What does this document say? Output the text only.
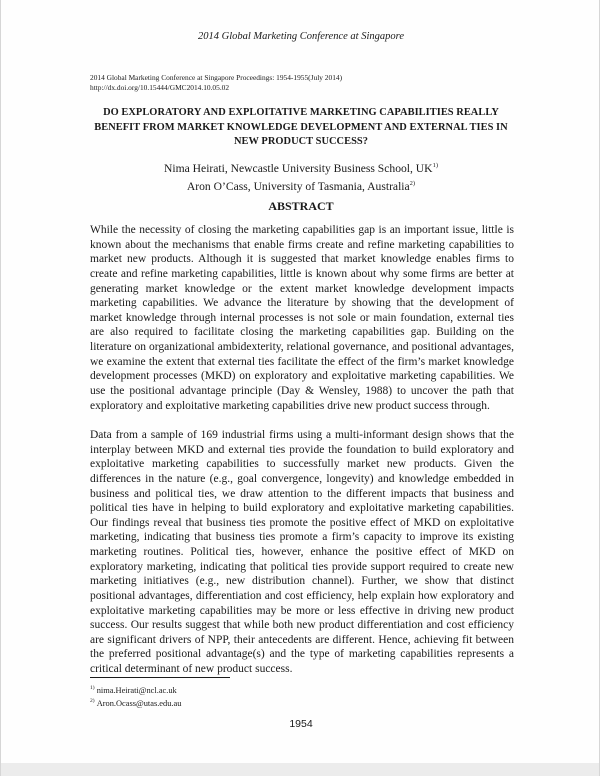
2014 Global Marketing Conference at Singapore
2014 Global Marketing Conference at Singapore Proceedings: 1954-1955(July 2014)
http://dx.doi.org/10.15444/GMC2014.10.05.02
DO EXPLORATORY AND EXPLOITATIVE MARKETING CAPABILITIES REALLY BENEFIT FROM MARKET KNOWLEDGE DEVELOPMENT AND EXTERNAL TIES IN NEW PRODUCT SUCCESS?
Nima Heirati, Newcastle University Business School, UK$^{1)}$
Aron O’Cass, University of Tasmania, Australia$^{2)}$
ABSTRACT
While the necessity of closing the marketing capabilities gap is an important issue, little is known about the mechanisms that enable firms create and refine marketing capabilities to market new products. Although it is suggested that market knowledge enables firms to create and refine marketing capabilities, little is known about why some firms are better at generating market knowledge or the extent market knowledge development impacts marketing capabilities. We advance the literature by showing that the development of market knowledge through internal processes is not sole or main foundation, external ties are also required to facilitate closing the marketing capabilities gap. Building on the literature on organizational ambidexterity, relational governance, and positional advantages, we examine the extent that external ties facilitate the effect of the firm’s market knowledge development processes (MKD) on exploratory and exploitative marketing capabilities. We use the positional advantage principle (Day & Wensley, 1988) to uncover the path that exploratory and exploitative marketing capabilities drive new product success through.
Data from a sample of 169 industrial firms using a multi-informant design shows that the interplay between MKD and external ties provide the foundation to build exploratory and exploitative marketing capabilities to successfully market new products. Given the differences in the nature (e.g., goal convergence, longevity) and knowledge embedded in business and political ties, we draw attention to the different impacts that business and political ties have in helping to build exploratory and exploitative marketing capabilities. Our findings reveal that business ties promote the positive effect of MKD on exploitative marketing, indicating that business ties promote a firm’s capacity to improve its existing marketing routines. Political ties, however, enhance the positive effect of MKD on exploratory marketing, indicating that political ties provide support required to create new marketing initiatives (e.g., new distribution channel). Further, we show that distinct positional advantages, differentiation and cost efficiency, help explain how exploratory and exploitative marketing capabilities may be more or less effective in driving new product success. Our results suggest that while both new product differentiation and cost efficiency are significant drivers of NPP, their antecedents are different. Hence, achieving fit between the preferred positional advantage(s) and the type of marketing capabilities represents a critical determinant of new product success.
$^{1)}$ nima.Heirati@ncl.ac.uk
$^{2)}$ Aron.Ocass@utas.edu.au
1954
